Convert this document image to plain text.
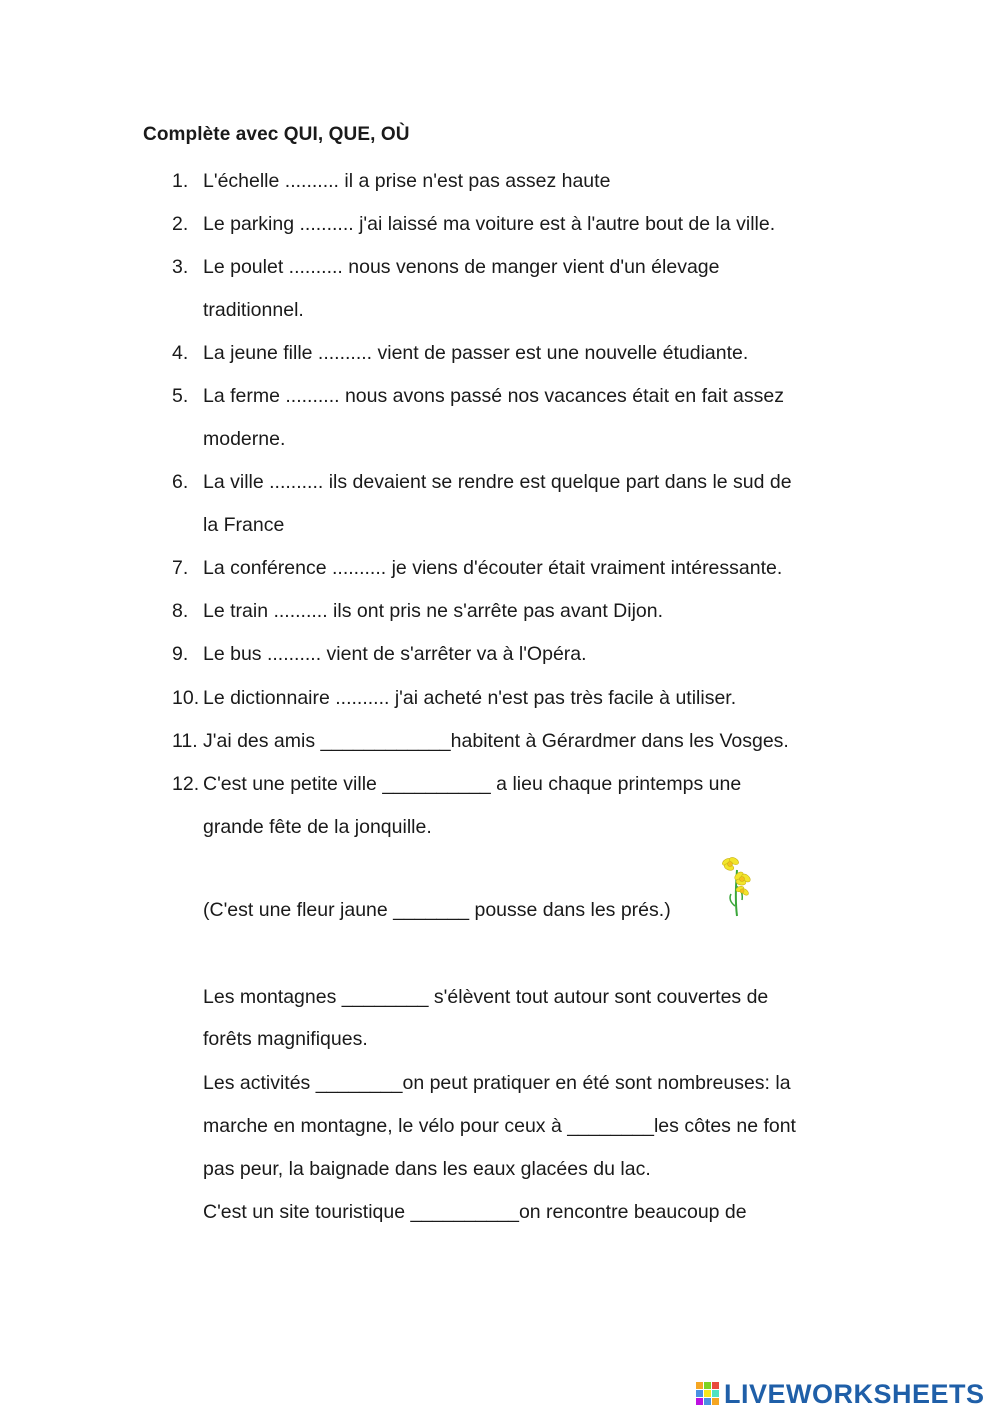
Complète avec QUI, QUE, OÙ
1. L'échelle .......... il a prise n'est pas assez haute
2. Le parking .......... j'ai laissé ma voiture est à l'autre bout de la ville.
3. Le poulet .......... nous venons de manger vient d'un élevage
traditionnel.
4. La jeune fille .......... vient de passer est une nouvelle étudiante.
5. La ferme .......... nous avons passé nos vacances était en fait assez
moderne.
6. La ville .......... ils devaient se rendre est quelque part dans le sud de
la France
7. La conférence .......... je viens d'écouter était vraiment intéressante.
8. Le train .......... ils ont pris ne s'arrête pas avant Dijon.
9. Le bus .......... vient de s'arrêter va à l'Opéra.
10. Le dictionnaire .......... j'ai acheté n'est pas très facile à utiliser.
11. J'ai des amis ____________habitent à Gérardmer dans les Vosges.
12. C'est une petite ville __________ a lieu chaque printemps une
grande fête de la jonquille.
(C'est une fleur jaune _______ pousse dans les prés.)
Les montagnes ________ s'élèvent tout autour sont couvertes de
forêts magnifiques.
Les activités ________on peut pratiquer en été sont nombreuses: la
marche en montagne, le vélo pour ceux à ________les côtes ne font
pas peur, la baignade dans les eaux glacées du lac.
C'est un site touristique __________on rencontre beaucoup de
LIVEWORKSHEETS
